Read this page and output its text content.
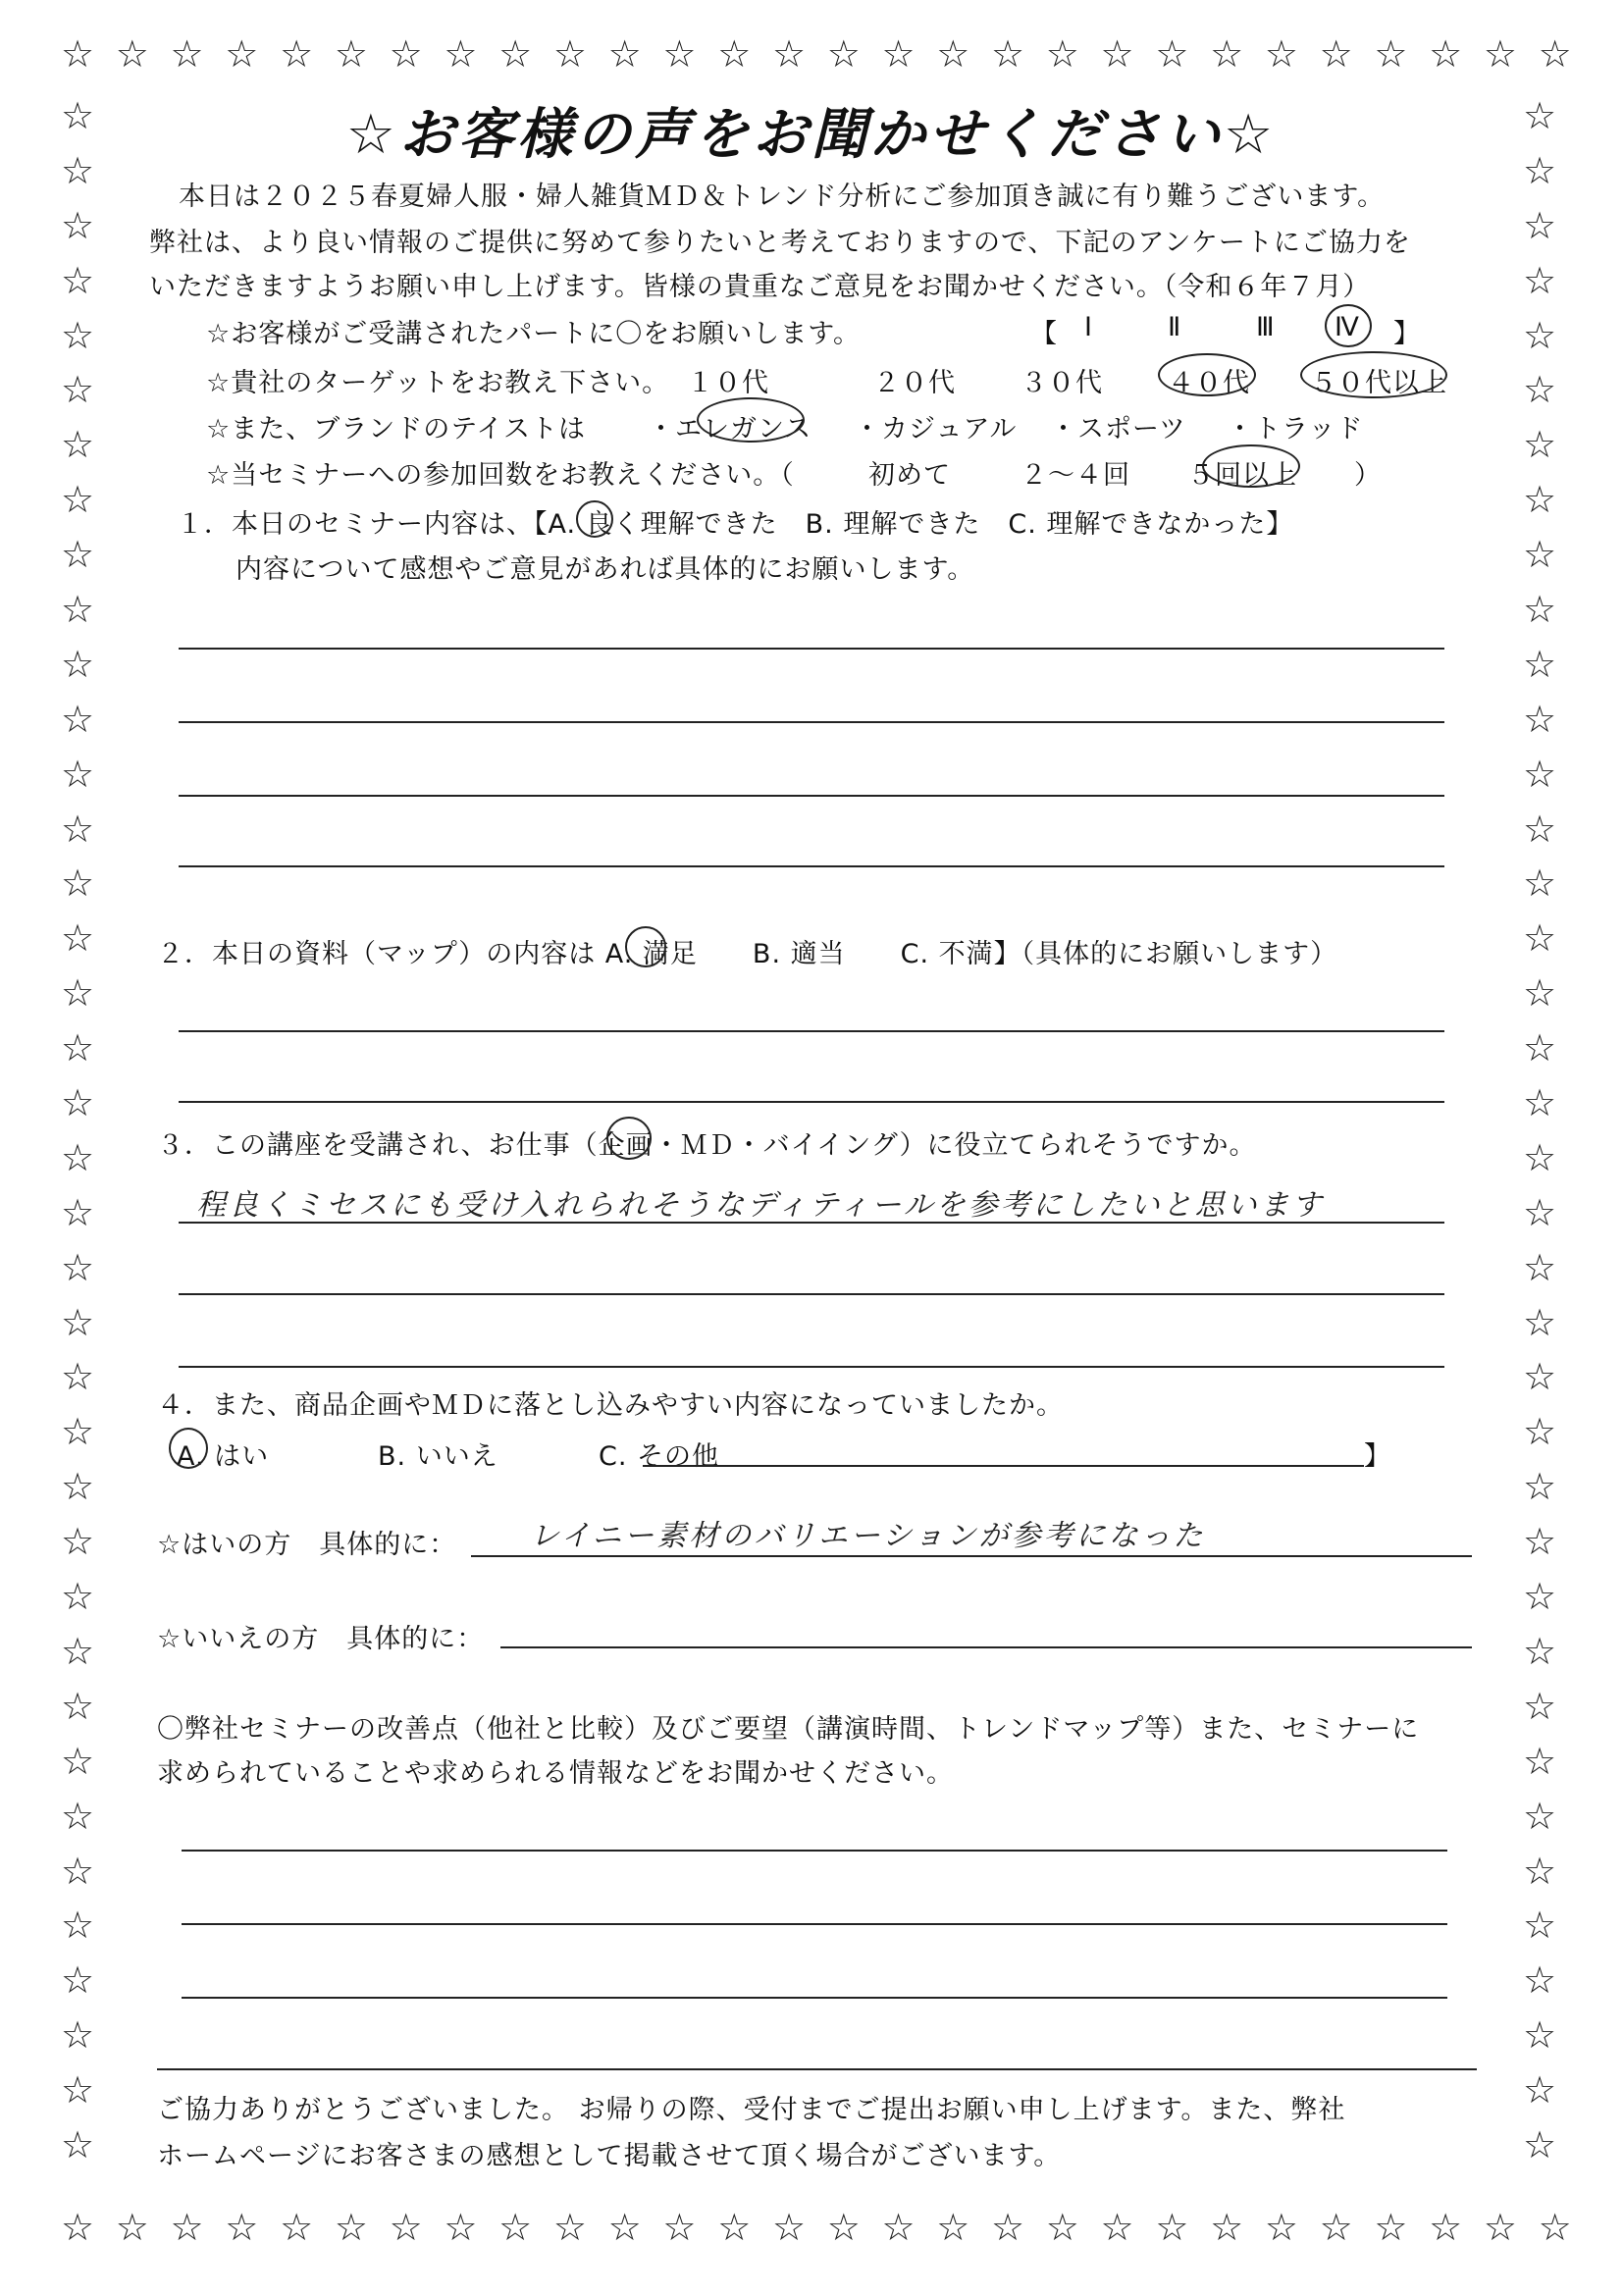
☆ ☆ ☆ ☆ ☆ ☆ ☆ ☆ ☆ ☆ ☆ ☆ ☆ ☆ ☆ ☆ ☆ ☆ ☆ ☆ ☆ ☆ ☆ ☆ ☆ ☆ ☆ ☆
☆ ☆ ☆ ☆ ☆ ☆ ☆ ☆ ☆ ☆ ☆ ☆ ☆ ☆ ☆ ☆ ☆ ☆ ☆ ☆ ☆ ☆ ☆ ☆ ☆ ☆ ☆ ☆
☆
☆
☆
☆
☆
☆
☆
☆
☆
☆
☆
☆
☆
☆
☆
☆
☆
☆
☆
☆
☆
☆
☆
☆
☆
☆
☆
☆
☆
☆
☆
☆
☆
☆
☆
☆
☆
☆
☆
☆
☆
☆
☆
☆
☆
☆
☆
☆
☆
☆
☆
☆
☆
☆
☆
☆
☆
☆
☆
☆
☆
☆
☆
☆
☆
☆
☆
☆
☆
☆
☆
☆
☆
☆
☆
☆
☆お客様の声をお聞かせください☆
本日は２０２５春夏婦人服・婦人雑貨ＭＤ＆トレンド分析にご参加頂き誠に有り難うございます。
弊社は、より良い情報のご提供に努めて参りたいと考えておりますので、下記のアンケートにご協力を
いただきますようお願い申し上げます。皆様の貴重なご意見をお聞かせください。（令和６年７月）
☆お客様がご受講されたパートに〇をお願いします。	【 Ⅰ	Ⅱ	Ⅲ Ⅳ 】
☆貴社のターゲットをお教え下さい。 １０代	２０代 ３０代 ４０代 ５０代以上
☆また、ブランドのテイストは ・エレガンス ・カジュアル ・スポーツ ・トラッド
☆当セミナーへの参加回数をお教えください。（	初めて	２～４回 ５回以上 ）
１．本日のセミナー内容は、【A. 良く理解できた　B. 理解できた　C. 理解できなかった】
内容について感想やご意見があれば具体的にお願いします。
２．本日の資料（マップ）の内容は A. 満足　　B. 適当　　C. 不満】（具体的にお願いします）
３．この講座を受講され、お仕事（企画・ＭＤ・バイイング）に役立てられそうですか。
程良くミセスにも受け入れられそうなディティールを参考にしたいと思います
４．また、商品企画やＭＤに落とし込みやすい内容になっていましたか。
A. はい	B. いいえ	C. その他	】
☆はいの方　具体的に： レイニー素材のバリエーションが参考になった
☆いいえの方　具体的に：
〇弊社セミナーの改善点（他社と比較）及びご要望（講演時間、トレンドマップ等）また、セミナーに
求められていることや求められる情報などをお聞かせください。
ご協力ありがとうございました。 お帰りの際、受付までご提出お願い申し上げます。また、弊社
ホームページにお客さまの感想として掲載させて頂く場合がございます。
